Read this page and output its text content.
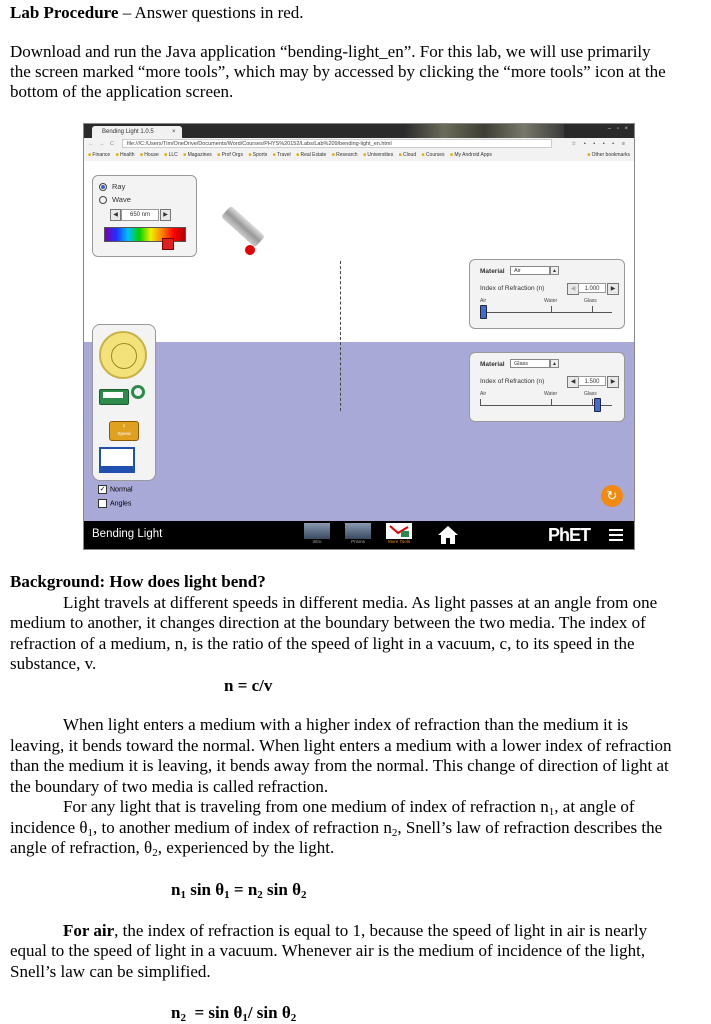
Lab Procedure – Answer questions in red.
Download and run the Java application “bending-light_en”. For this lab, we will use primarily
the screen marked “more tools”, which may by accessed by clicking the “more tools” icon at the
bottom of the application screen.
Bending Light 1.0.5	×	– ▫ ×
← → C	file:///C:/Users/Tim/OneDrive/Documents/Word/Courses/PHYS%20152/Labs/Lab%209/bending-light_en.html	☆ ▪ ▪ ▪ ▪ ≡
■ Finance ■ Health ■ House ■ LLC ■ Magazines ■ Prof Orgs ■ Sports ■ Travel ■ Real Estate ■ Research ■ Universities ■ Cloud ■ Courses ■ My Android Apps	■ Other bookmarks
Ray
Wave
◀	650 nm	▶
Material	Air	▲
Index of Refraction (n)	◀	1.000	▶
Air	Water	Glass
Material	Glass	▲
Index of Refraction (n)	◀	1.500	▶
Air	Water	Glass
1
Speed
✓ Normal
Angles
↻
Bending Light
Intro	Prisms	More Tools	PhET
Background: How does light bend?
Light travels at different speeds in different media. As light passes at an angle from one
medium to another, it changes direction at the boundary between the two media. The index of
refraction of a medium, n, is the ratio of the speed of light in a vacuum, c, to its speed in the
substance, v.
n = c/v
When light enters a medium with a higher index of refraction than the medium it is
leaving, it bends toward the normal. When light enters a medium with a lower index of refraction
than the medium it is leaving, it bends away from the normal. This change of direction of light at
the boundary of two media is called refraction.
For any light that is traveling from one medium of index of refraction $n_1$, at angle of
incidence $\theta_1$, to another medium of index of refraction $n_2$, Snell’s law of refraction describes the
angle of refraction, $\theta_2$, experienced by the light.
$n_1$ $\sin \theta_1 = n_2$ $\sin \theta_2$
For air, the index of refraction is equal to 1, because the speed of light in air is nearly
equal to the speed of light in a vacuum. Whenever air is the medium of incidence of the light,
Snell’s law can be simplified.
$n_2 = \sin \theta_1/$ $\sin \theta_2$
